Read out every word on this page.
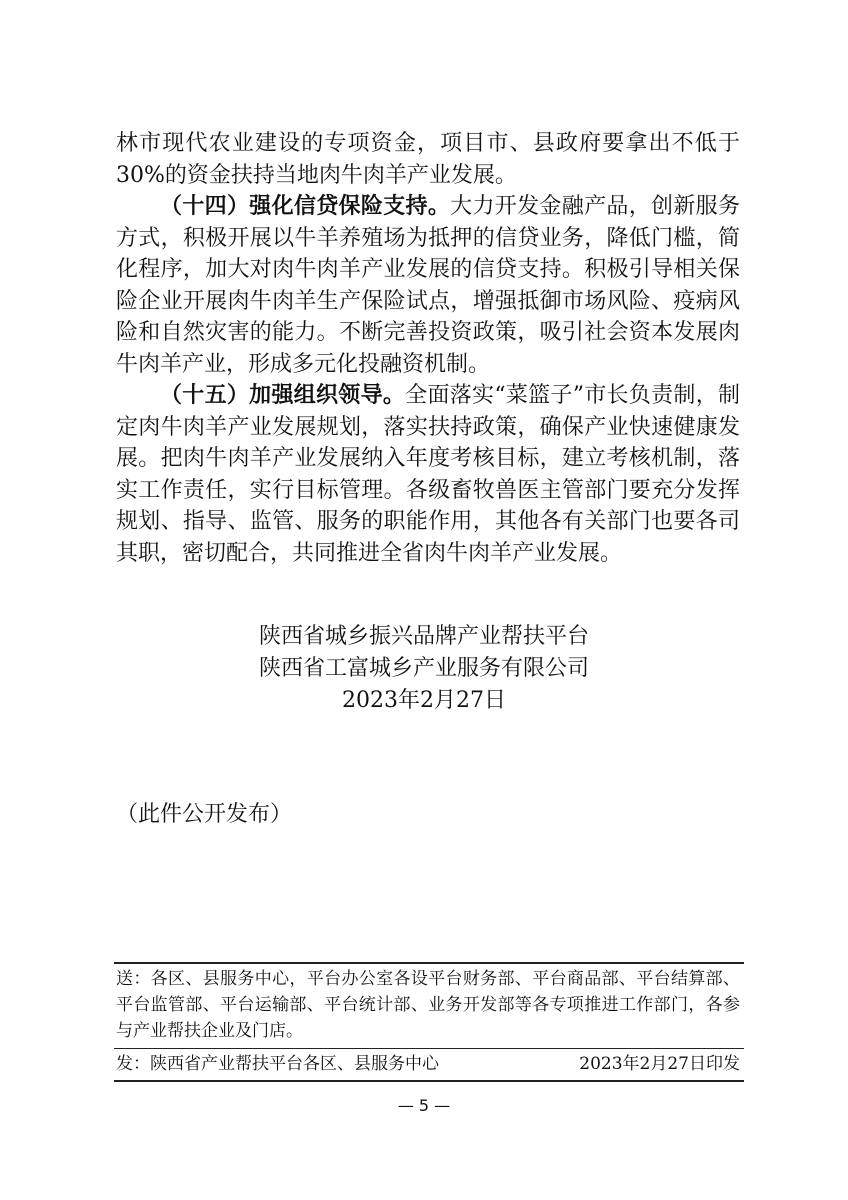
林市现代农业建设的专项资金，项目市、县政府要拿出不低于30%的资金扶持当地肉牛肉羊产业发展。

（十四）强化信贷保险支持。大力开发金融产品，创新服务方式，积极开展以牛羊养殖场为抵押的信贷业务，降低门槛，简化程序，加大对肉牛肉羊产业发展的信贷支持。积极引导相关保险企业开展肉牛肉羊生产保险试点，增强抵御市场风险、疫病风险和自然灾害的能力。不断完善投资政策，吸引社会资本发展肉牛肉羊产业，形成多元化投融资机制。

（十五）加强组织领导。全面落实“菜篮子”市长负责制，制定肉牛肉羊产业发展规划，落实扶持政策，确保产业快速健康发展。把肉牛肉羊产业发展纳入年度考核目标，建立考核机制，落实工作责任，实行目标管理。各级畜牧兽医主管部门要充分发挥规划、指导、监管、服务的职能作用，其他各有关部门也要各司其职，密切配合，共同推进全省肉牛肉羊产业发展。

陕西省城乡振兴品牌产业帮扶平台
陕西省工富城乡产业服务有限公司
2023年2月27日
（此件公开发布）
送：各区、县服务中心，平台办公室各设平台财务部、平台商品部、平台结算部、平台监管部、平台运输部、平台统计部、业务开发部等各专项推进工作部门，各参与产业帮扶企业及门店。
发：陕西省产业帮扶平台各区、县服务中心	2023年2月27日印发
— 5 —
